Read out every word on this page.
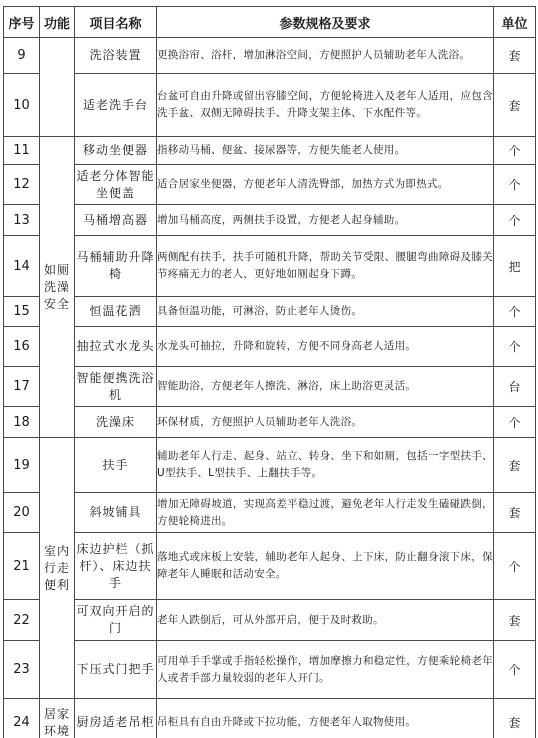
序号	功能	项目名称	参数规格及要求	单位
9		洗浴装置	更换浴帘、浴杆，增加淋浴空间，方便照护人员辅助老年人洗浴。	套
10		适老洗手台	台盆可自由升降或留出容膝空间，方便轮椅进入及老年人适用，应包含洗手盆、双侧无障碍扶手、升降支架主体、下水配件等。	套
11	如厕洗澡安全	移动坐便器	指移动马桶、便盆、接尿器等，方便失能老人使用。	个
12		适老分体智能坐便盖	适合居家坐便器，方便老年人清洗臀部，加热方式为即热式。	个
13		马桶增高器	增加马桶高度，两侧扶手设置，方便老人起身辅助。	个
14		马桶辅助升降椅	两侧配有扶手，扶手可随机升降，帮助关节受限、腰腿弯曲障碍及膝关节疼痛无力的老人，更好地如厕起身下蹲。	把
15		恒温花洒	具备恒温功能，可淋浴，防止老年人烫伤。	个
16		抽拉式水龙头	水龙头可抽拉，升降和旋转，方便不同身高老人适用。	个
17		智能便携洗浴机	智能助浴，方便老年人擦洗、淋浴，床上助浴更灵活。	台
18		洗澡床	环保材质，方便照护人员辅助老年人洗浴。	个
19	室内行走便利	扶手	辅助老年人行走、起身、站立、转身、坐下和如厕，包括一字型扶手、U型扶手、L型扶手、上翻扶手等。	套
20		斜坡铺具	增加无障碍坡道，实现高差平稳过渡，避免老年人行走发生磕碰跌倒，方便轮椅进出。	套
21		床边护栏（抓杆）、床边扶手	落地式或床板上安装，辅助老年人起身、上下床，防止翻身滚下床，保障老年人睡眠和活动安全。	个
22		可双向开启的门	老年人跌倒后，可从外部开启，便于及时救助。	套
23		下压式门把手	可用单手手掌或手指轻松操作，增加摩擦力和稳定性，方便乘轮椅老年人或者手部力量较弱的老年人开门。	个
24	居家环境	厨房适老吊柜	吊柜具有自由升降或下拉功能，方便老年人取物使用。	套
